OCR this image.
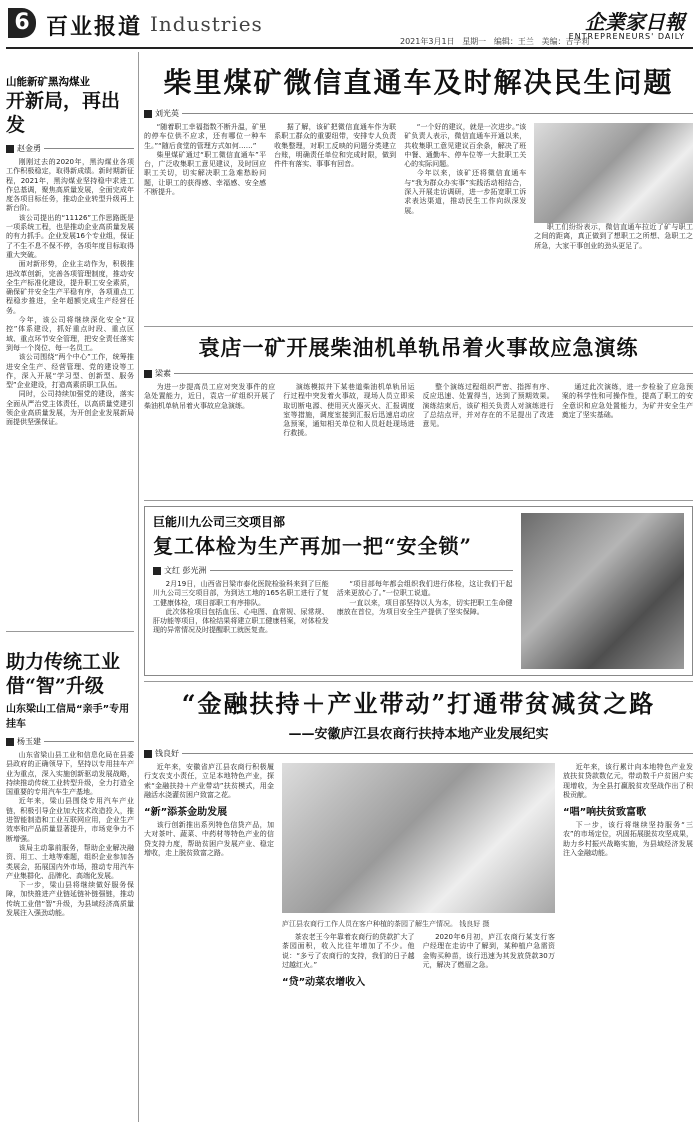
6 百业报道 Industries	企業家日報
ENTREPRENEURS' DAILY
2021年3月1日 星期一 编辑：王兰 美编：吉学莉
山能新矿黑沟煤业
开新局，再出发
赵金勇

刚刚过去的2020年，黑沟煤业各项工作积极稳定，取得新成绩。新时期新征程，2021年，黑沟煤业坚持稳中求进工作总基调，聚焦高质量发展，全面完成年度各项目标任务，推动企业转型升级再上新台阶。

该公司提出的“11126”工作思路既是一项系统工程，也是推动企业高质量发展的有力抓手。企业发展16个专业组，保证了不生不息不保不停，各项年度目标取得重大突破。

面对新形势，企业主动作为，积极推进改革创新，完善各项管理制度，推动安全生产标准化建设，提升职工安全素质，确保矿井安全生产平稳有序，各项重点工程稳步推进，全年超额完成生产经营任务。

今年，该公司将继续深化安全“双控”体系建设，抓好重点时段、重点区域、重点环节安全管理，把安全责任落实到每一个岗位、每一名员工。

该公司围绕“两个中心”工作，统筹推进安全生产、经营管理、党的建设等工作，深入开展“学习型、创新型、服务型”企业建设，打造高素质职工队伍。

同时，公司持续加强党的建设，落实全面从严治党主体责任，以高质量党建引领企业高质量发展，为开创企业发展新局面提供坚强保证。

助力传统工业借“智”升级
山东梁山工信局“亲手”专用挂车
杨玉建

山东省梁山县工业和信息化局在县委县政府的正确领导下，坚持以专用挂车产业为重点，深入实施创新驱动发展战略，持续推动传统工业转型升级，全力打造全国重要的专用汽车生产基地。

近年来，梁山县围绕专用汽车产业链，积极引导企业加大技术改造投入，推进智能制造和工业互联网应用，企业生产效率和产品质量显著提升，市场竞争力不断增强。

该局主动靠前服务，帮助企业解决融资、用工、土地等难题，组织企业参加各类展会，拓展国内外市场，推动专用汽车产业集群化、品牌化、高端化发展。

下一步，梁山县将继续做好服务保障，加快推进产业链延链补链强链，推动传统工业借“智”升级，为县域经济高质量发展注入强劲动能。

柴里煤矿微信直通车及时解决民生问题
刘光英

“随着职工幸福指数不断升温，矿里的停车位供不应求，还有哪位一种车生。”“随后食堂的管理方式如何……”

柴里煤矿通过“职工微信直通车”平台，广泛收集职工意见建议，及时回应职工关切，切实解决职工急难愁盼问题，让职工的获得感、幸福感、安全感不断提升。

据了解，该矿把微信直通车作为联系职工群众的重要纽带，安排专人负责收集整理，对职工反映的问题分类建立台账，明确责任单位和完成时限，做到件件有落实、事事有回音。

“一个好的建议，就是一次进步。”该矿负责人表示，微信直通车开通以来，共收集职工意见建议百余条，解决了班中餐、通勤车、停车位等一大批职工关心的实际问题。

今年以来，该矿还将微信直通车与“我为群众办实事”实践活动相结合，深入开展走访调研，进一步拓宽职工诉求表达渠道，推动民生工作向纵深发展。

职工们纷纷表示，微信直通车拉近了矿与职工之间的距离，真正做到了想职工之所想、急职工之所急，大家干事创业的劲头更足了。

袁店一矿开展柴油机单轨吊着火事故应急演练
梁素

为进一步提高员工应对突发事件的应急处置能力，近日，袁店一矿组织开展了柴油机单轨吊着火事故应急演练。

演练模拟井下某巷道柴油机单轨吊运行过程中突发着火事故，现场人员立即采取切断电源、使用灭火器灭火、汇报调度室等措施，调度室接到汇报后迅速启动应急预案，通知相关单位和人员赶赴现场进行救援。

整个演练过程组织严密、指挥有序、反应迅速、处置得当，达到了预期效果。演练结束后，该矿相关负责人对演练进行了总结点评，并对存在的不足提出了改进意见。

通过此次演练，进一步检验了应急预案的科学性和可操作性，提高了职工的安全意识和应急处置能力，为矿井安全生产奠定了坚实基础。

巨能川九公司三交项目部
复工体检为生产再加一把“安全锁”
文红 彭光洲

2月19日，山西省吕梁市泰化医院检验科来到了巨能川九公司三交项目部，为到达工地的165名职工进行了复工健康体检，项目部职工有序排队。

此次体检项目包括血压、心电图、血常规、尿常规、肝功能等项目，体检结果将建立职工健康档案，对体检发现的异常情况及时提醒职工就医复查。

“项目部每年都会组织我们进行体检，这让我们干起活来更放心了。”一位职工说道。

一直以来，项目部坚持以人为本，切实把职工生命健康放在首位，为项目安全生产提供了坚实保障。

“金融扶持＋产业带动”打通带贫减贫之路
——安徽庐江县农商行扶持本地产业发展纪实
钱良好

近年来，安徽省庐江县农商行积极履行支农支小责任，立足本地特色产业，探索“金融扶持＋产业带动”扶贫模式，用金融活水浇灌贫困户致富之花。

“新”添茶金助发展

该行创新推出系列特色信贷产品，加大对茶叶、蔬菜、中药材等特色产业的信贷支持力度，帮助贫困户发展产业、稳定增收，走上脱贫致富之路。

庐江县农商行工作人员在客户种植的茶园了解生产情况。 钱良好 摄

茶农老王今年靠着农商行的贷款扩大了茶园面积，收入比往年增加了不少。他说：“多亏了农商行的支持，我们的日子越过越红火。”

“贷”动菜农增收入

2020年6月初，庐江农商行某支行客户经理在走访中了解到，某种植户急需资金购买种苗，该行迅速为其发放贷款30万元，解决了燃眉之急。

近年来，该行累计向本地特色产业发放扶贫贷款数亿元，带动数千户贫困户实现增收，为全县打赢脱贫攻坚战作出了积极贡献。

“唱”响扶贫致富歌

下一步，该行将继续坚持服务“三农”的市场定位，巩固拓展脱贫攻坚成果，助力乡村振兴战略实施，为县域经济发展注入金融动能。
